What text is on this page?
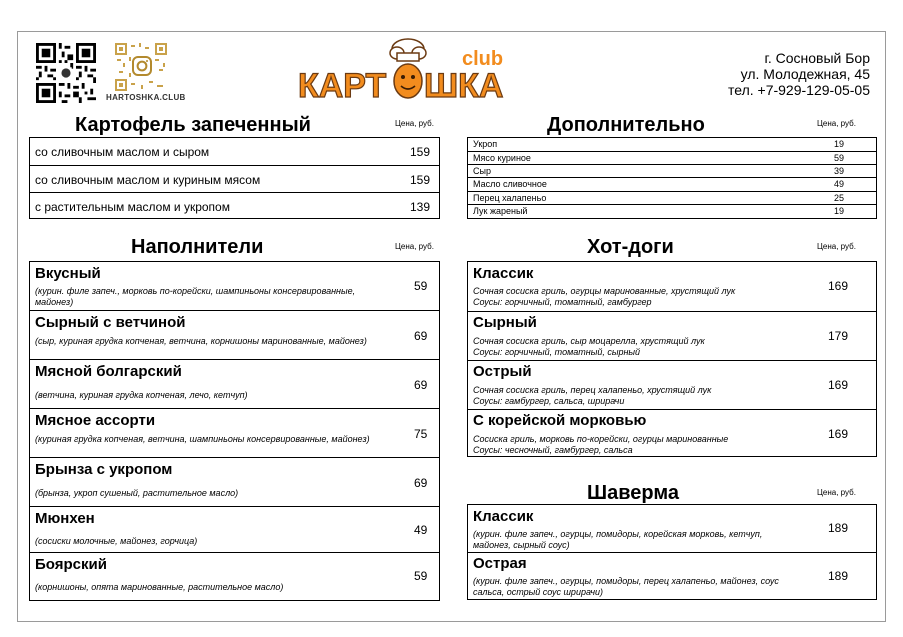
HARTOSHKA.CLUB	КАРТ ШКА
club	г. Сосновый Бор
ул. Молодежная, 45
тел. +7-929-129-05-05
Картофель запеченный	Цена, руб.
со сливочным маслом и сыром	159
со сливочным маслом и куриным мясом	159
с растительным маслом и укропом	139
Дополнительно	Цена, руб.
Укроп	19
Мясо куриное	59
Сыр	39
Масло сливочное	49
Перец халапеньо	25
Лук жареный	19
Наполнители	Цена, руб.
Вкусный
(курин. филе запеч., морковь по-корейски, шампиньоны консервированные, майонез)
59
Сырный с ветчиной
(сыр, куриная грудка копченая, ветчина, корнишоны маринованные, майонез)	69
Мясной болгарский
(ветчина, куриная грудка копченая, лечо, кетчуп)
69
Мясное ассорти
(куриная грудка копченая, ветчина, шампиньоны консервированные, майонез)	75
Брынза с укропом
(брынза, укроп сушеный, растительное масло)
69
Мюнхен
(сосиски молочные, майонез, горчица)
49
Боярский
(корнишоны, опята маринованные, растительное масло)
59
Хот-доги	Цена, руб.
Классик
Сочная сосиска гриль, огурцы маринованные, хрустящий лук
Соусы: горчичный, томатный, гамбургер
169
Сырный
Сочная сосиска гриль, сыр моцарелла, хрустящий лук
Соусы: горчичный, томатный, сырный
179
Острый
Сочная сосиска гриль, перец халапеньо, хрустящий лук
Соусы: гамбургер, сальса, шрирачи
169
С корейской морковью
Сосиска гриль, морковь по-корейски, огурцы маринованные
Соусы: чесночный, гамбургер, сальса
169
Шаверма	Цена, руб.
Классик
(курин. филе запеч., огурцы, помидоры, корейская морковь, кетчуп, майонез, сырный соус)
189
Острая
(курин. филе запеч., огурцы, помидоры, перец халапеньо, майонез, соус сальса, острый соус шрирачи)
189
